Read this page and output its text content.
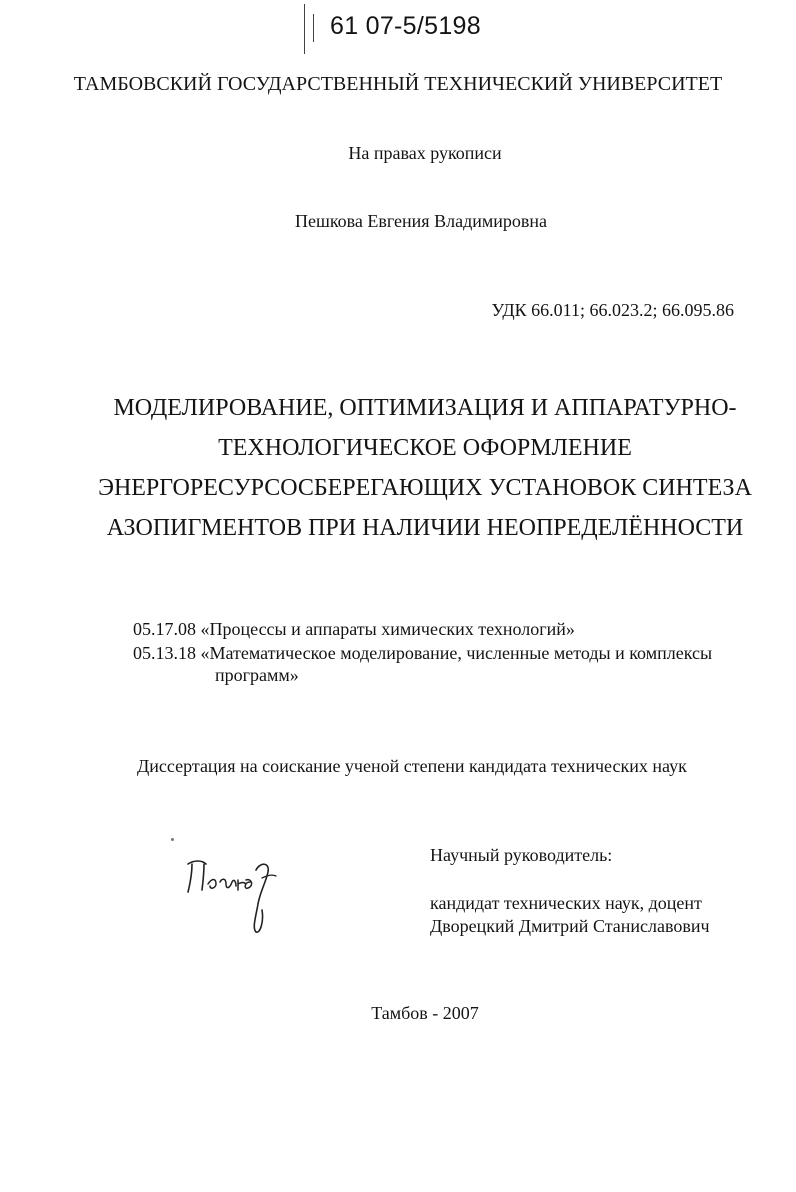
61 07-5/5198
ТАМБОВСКИЙ ГОСУДАРСТВЕННЫЙ ТЕХНИЧЕСКИЙ УНИВЕРСИТЕТ
На правах рукописи
Пешкова Евгения Владимировна
УДК 66.011; 66.023.2; 66.095.86
МОДЕЛИРОВАНИЕ, ОПТИМИЗАЦИЯ И АППАРАТУРНО-
ТЕХНОЛОГИЧЕСКОЕ ОФОРМЛЕНИЕ
ЭНЕРГОРЕСУРСОСБЕРЕГАЮЩИХ УСТАНОВОК СИНТЕЗА
АЗОПИГМЕНТОВ ПРИ НАЛИЧИИ НЕОПРЕДЕЛЁННОСТИ
05.17.08 «Процессы и аппараты химических технологий»
05.13.18 «Математическое моделирование, численные методы и комплексы
программ»
Диссертация на соискание ученой степени кандидата технических наук
Научный руководитель:
кандидат технических наук, доцент
Дворецкий Дмитрий Станиславович
Тамбов - 2007
